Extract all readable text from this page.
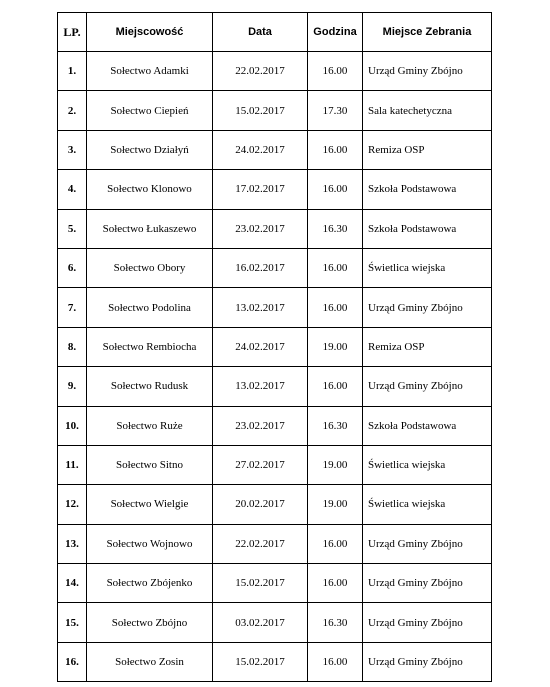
LP.	Miejscowość	Data	Godzina	Miejsce Zebrania
1.	Sołectwo Adamki	22.02.2017	16.00	Urząd Gminy Zbójno
2.	Sołectwo Ciepień	15.02.2017	17.30	Sala katechetyczna
3.	Sołectwo Działyń	24.02.2017	16.00	Remiza OSP
4.	Sołectwo Klonowo	17.02.2017	16.00	Szkoła Podstawowa
5.	Sołectwo Łukaszewo	23.02.2017	16.30	Szkoła Podstawowa
6.	Sołectwo Obory	16.02.2017	16.00	Świetlica wiejska
7.	Sołectwo Podolina	13.02.2017	16.00	Urząd Gminy Zbójno
8.	Sołectwo Rembiocha	24.02.2017	19.00	Remiza OSP
9.	Sołectwo Rudusk	13.02.2017	16.00	Urząd Gminy Zbójno
10.	Sołectwo Ruże	23.02.2017	16.30	Szkoła Podstawowa
11.	Sołectwo Sitno	27.02.2017	19.00	Świetlica wiejska
12.	Sołectwo Wielgie	20.02.2017	19.00	Świetlica wiejska
13.	Sołectwo Wojnowo	22.02.2017	16.00	Urząd Gminy Zbójno
14.	Sołectwo Zbójenko	15.02.2017	16.00	Urząd Gminy Zbójno
15.	Sołectwo Zbójno	03.02.2017	16.30	Urząd Gminy Zbójno
16.	Sołectwo Zosin	15.02.2017	16.00	Urząd Gminy Zbójno
